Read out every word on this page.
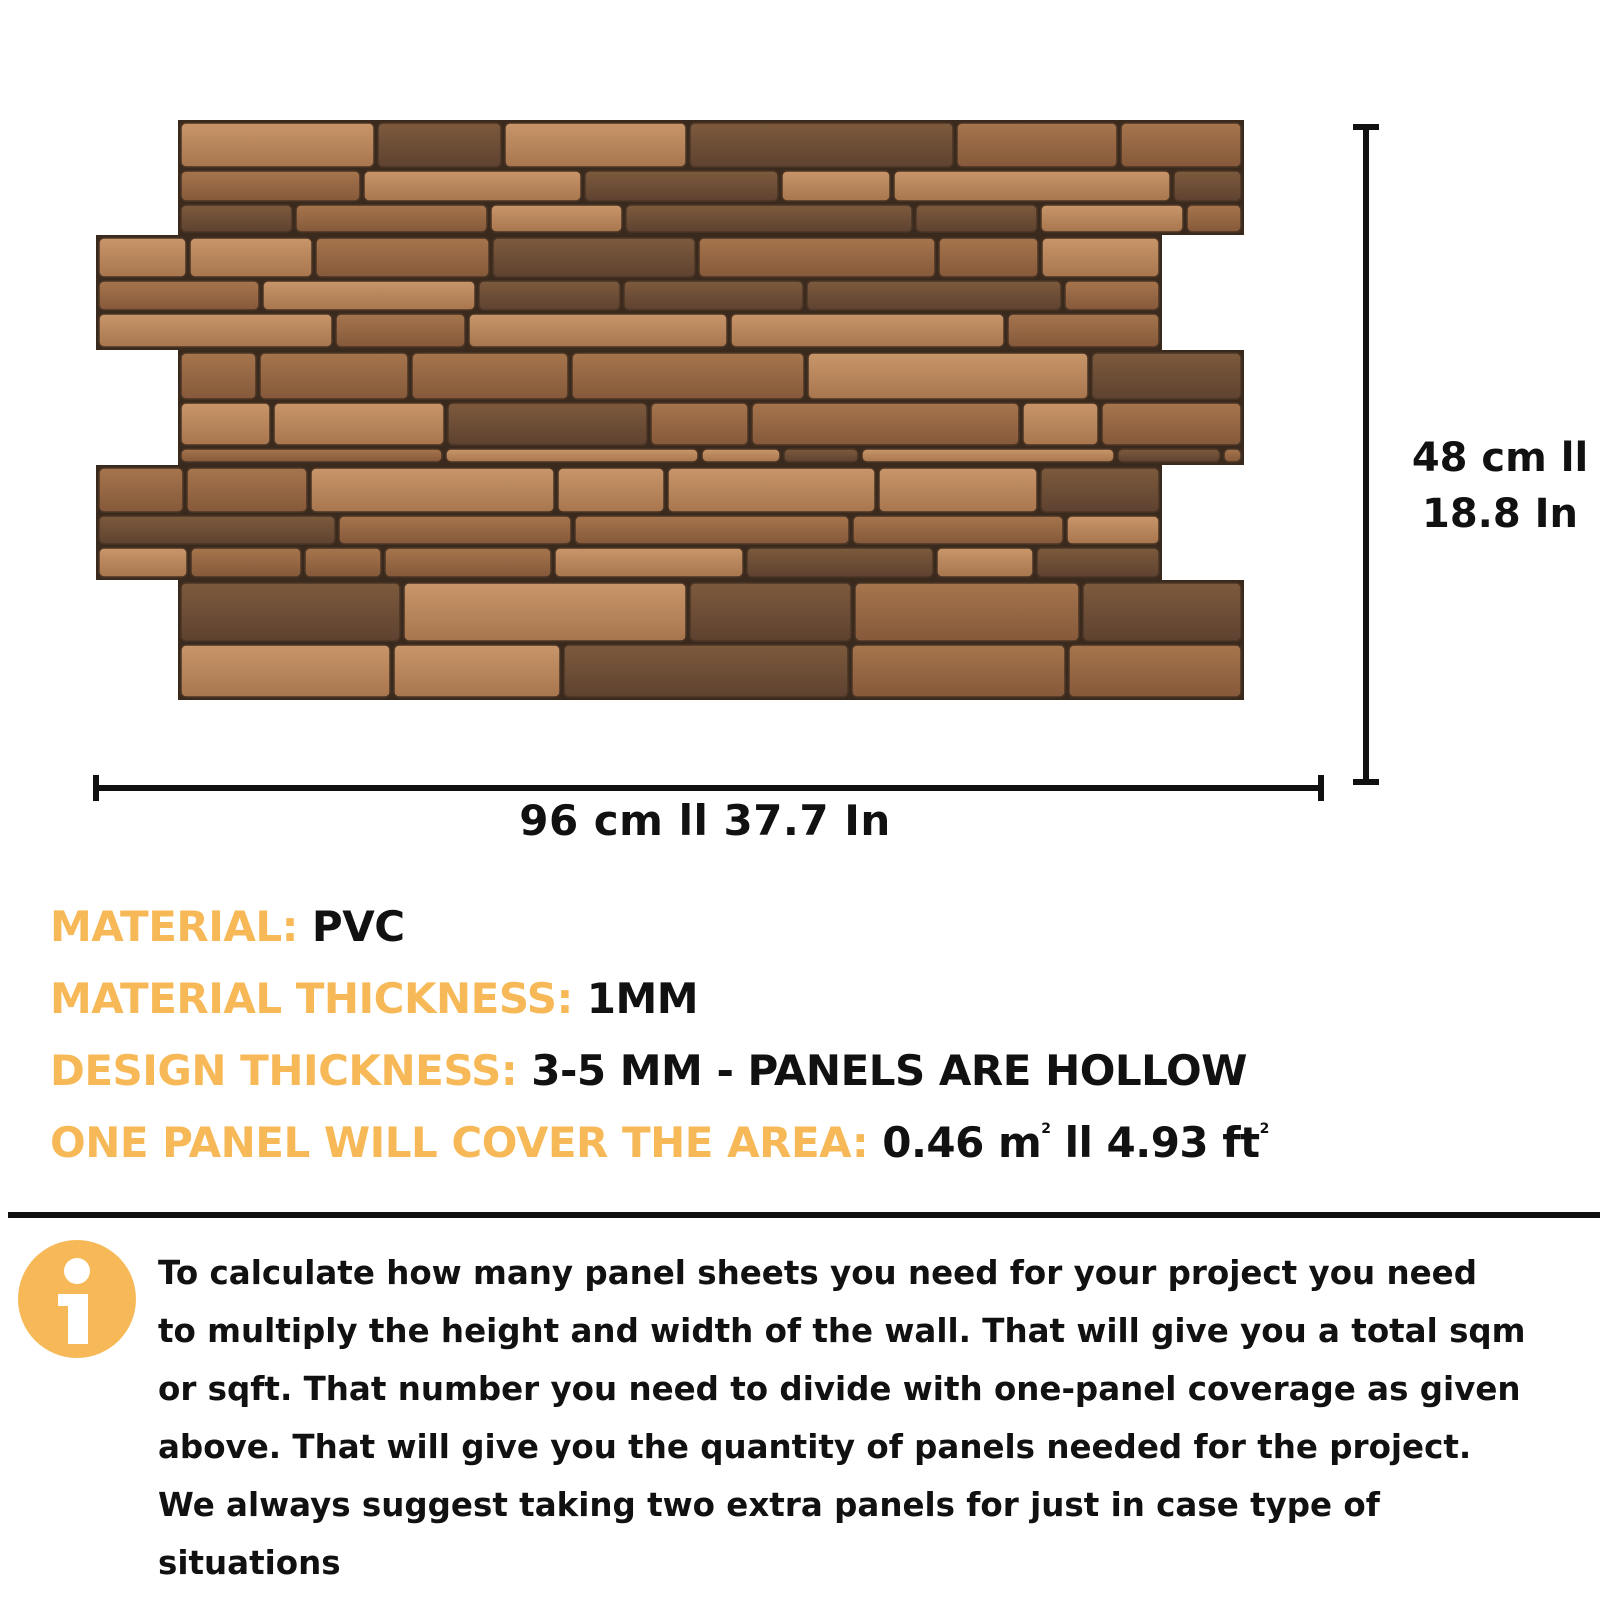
48 cm ll
18.8 In
96 cm ll 37.7 In
MATERIAL: PVC
MATERIAL THICKNESS: 1MM
DESIGN THICKNESS: 3-5 MM - PANELS ARE HOLLOW
ONE PANEL WILL COVER THE AREA: 0.46 $m^2$ ll 4.93 $ft^2$
To calculate how many panel sheets you need for your project you need
to multiply the height and width of the wall. That will give you a total sqm
or sqft. That number you need to divide with one-panel coverage as given
above. That will give you the quantity of panels needed for the project.
We always suggest taking two extra panels for just in case type of
situations
